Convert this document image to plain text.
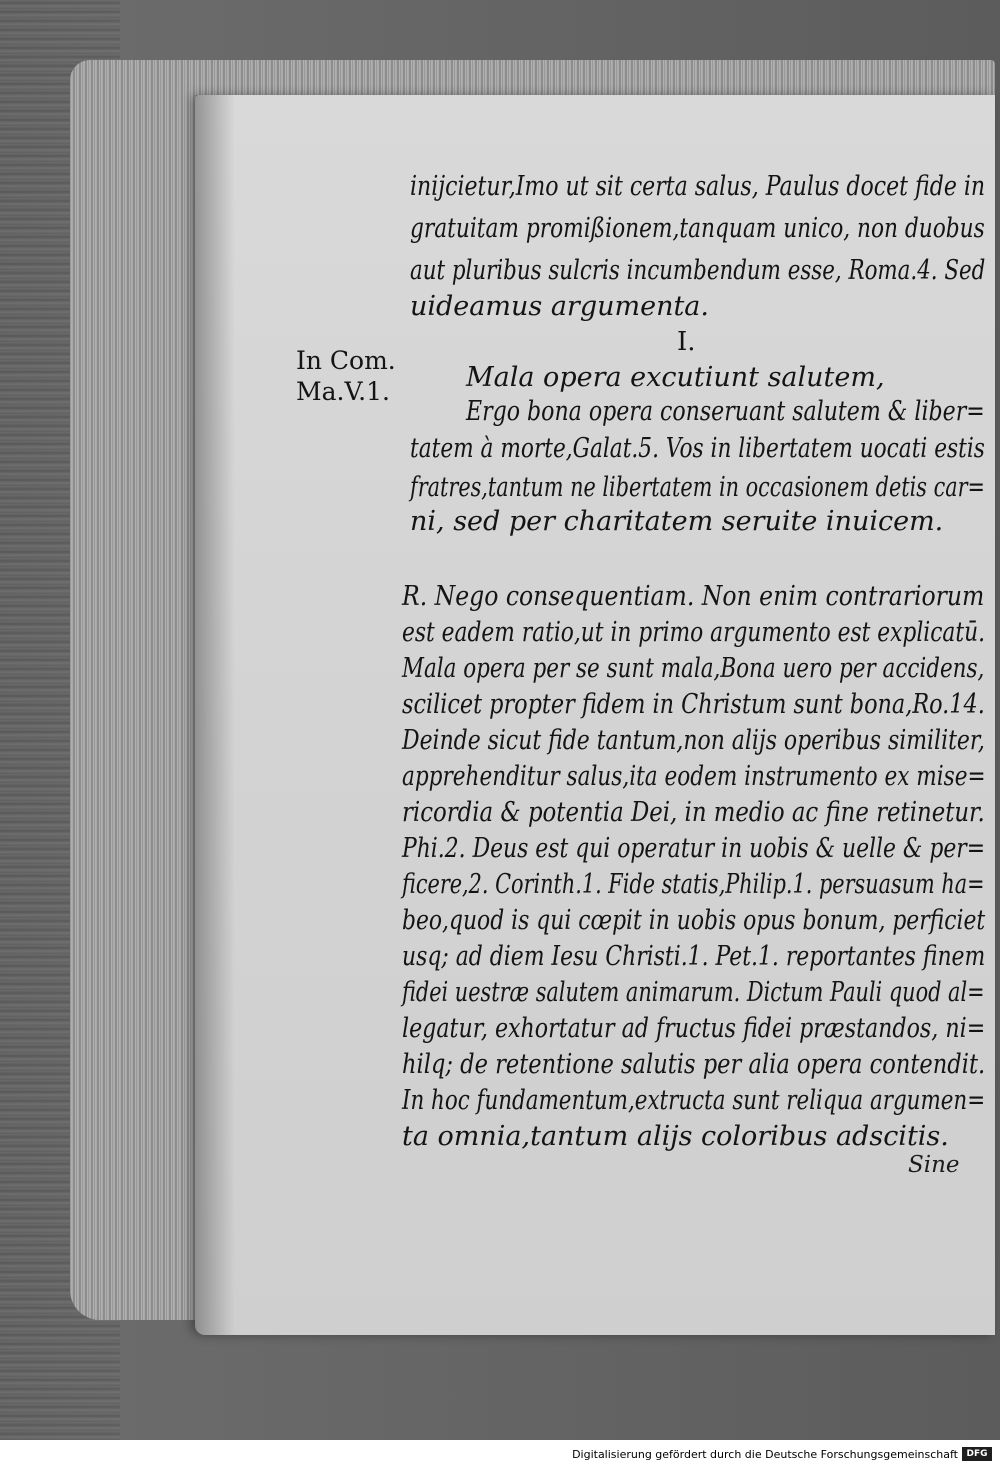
inijcietur,Imo ut sit certa salus, Paulus docet fide in
gratuitam promißionem,tanquam unico, non duobus
aut pluribus sulcris incumbendum esse, Roma.4. Sed
uideamus argumenta.
I.
In Com.
Ma.V.1.	Mala opera excutiunt salutem,
Ergo bona opera conseruant salutem & liber=
tatem à morte,Galat.5. Vos in libertatem uocati estis
fratres,tantum ne libertatem in occasionem detis car=
ni, sed per charitatem seruite inuicem.
R. Nego consequentiam. Non enim contrariorum
est eadem ratio,ut in primo argumento est explicatū.
Mala opera per se sunt mala,Bona uero per accidens,
scilicet propter fidem in Christum sunt bona,Ro.14.
Deinde sicut fide tantum,non alijs operibus similiter,
apprehenditur salus,ita eodem instrumento ex mise=
ricordia & potentia Dei, in medio ac fine retinetur.
Phi.2. Deus est qui operatur in uobis & uelle & per=
ficere,2. Corinth.1. Fide statis,Philip.1. persuasum ha=
beo,quod is qui cœpit in uobis opus bonum, perficiet
usq; ad diem Iesu Christi.1. Pet.1. reportantes finem
fidei uestræ salutem animarum. Dictum Pauli quod al=
legatur, exhortatur ad fructus fidei præstandos, ni=
hilq; de retentione salutis per alia opera contendit.
In hoc fundamentum,extructa sunt reliqua argumen=
ta omnia,tantum alijs coloribus adscitis.
Sine
Digitalisierung gefördert durch die Deutsche Forschungsgemeinschaft DFG
